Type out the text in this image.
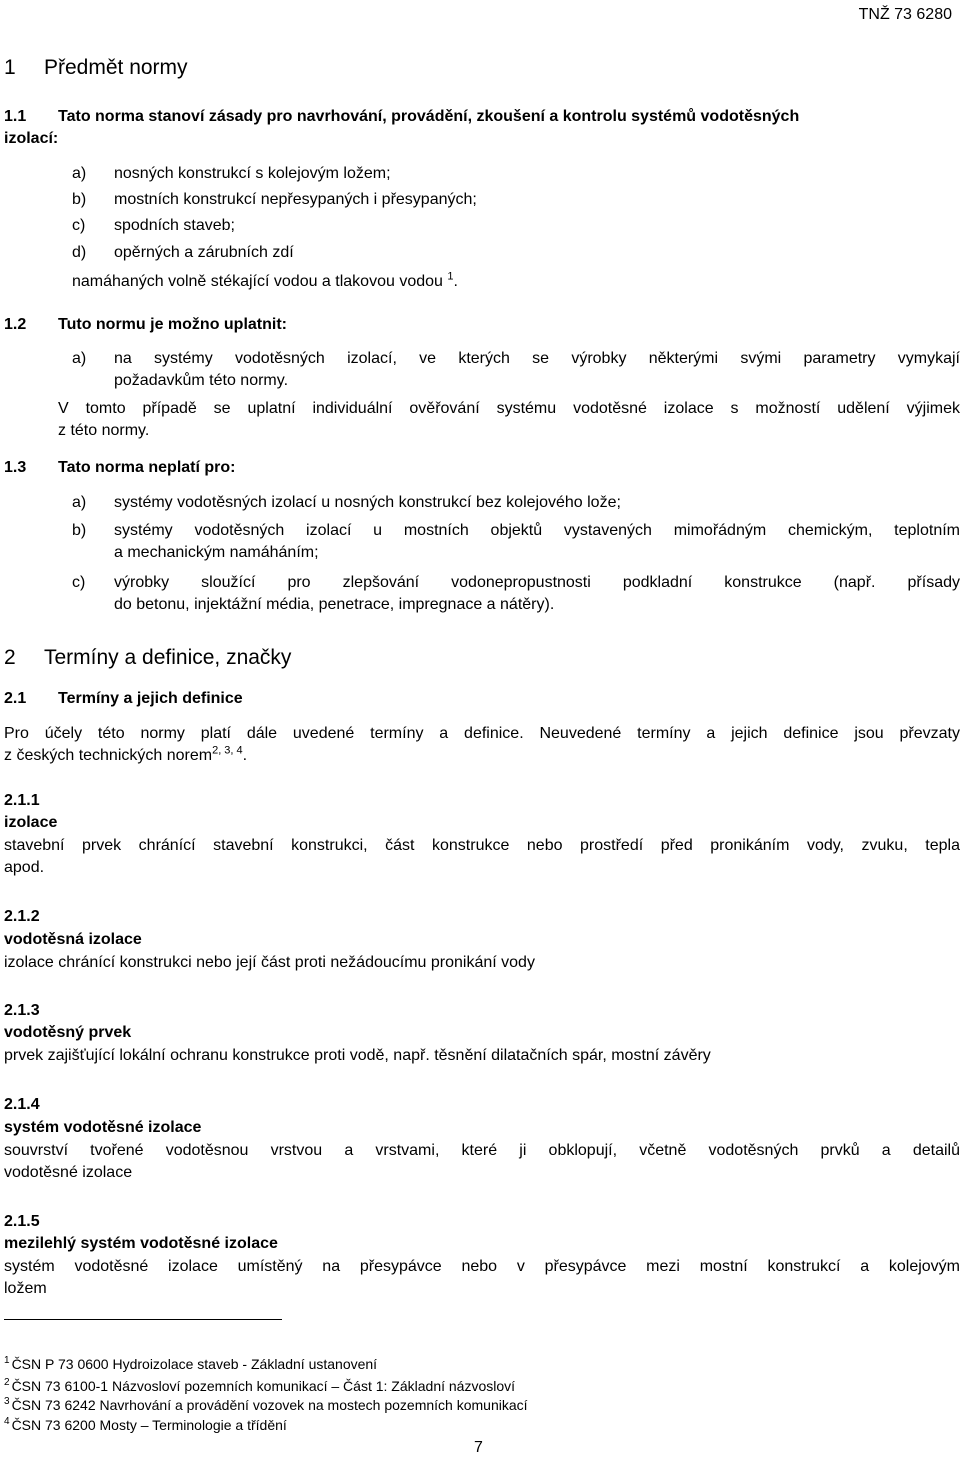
TNŽ 73 6280
1 Předmět normy
1.1 Tato norma stanoví zásady pro navrhování, provádění, zkoušení a kontrolu systémů vodotěsných
izolací:
a) nosných konstrukcí s kolejovým ložem;
b) mostních konstrukcí nepřesypaných i přesypaných;
c) spodních staveb;
d) opěrných a zárubních zdí
namáhaných volně stékající vodou a tlakovou vodou $^1$.
1.2 Tuto normu je možno uplatnit:
a) na systémy vodotěsných izolací, ve kterých se výrobky některými svými parametry vymykají
požadavkům této normy.
V tomto případě se uplatní individuální ověřování systému vodotěsné izolace s možností udělení výjimek
z této normy.
1.3 Tato norma neplatí pro:
a) systémy vodotěsných izolací u nosných konstrukcí bez kolejového lože;
b) systémy vodotěsných izolací u mostních objektů vystavených mimořádným chemickým, teplotním
a mechanickým namáháním;
c) výrobky sloužící pro zlepšování vodonepropustnosti podkladní konstrukce (např. přísady
do betonu, injektážní média, penetrace, impregnace a nátěry).
2 Termíny a definice, značky
2.1 Termíny a jejich definice
Pro účely této normy platí dále uvedené termíny a definice. Neuvedené termíny a jejich definice jsou převzaty
z českých technických norem$^{2, 3, 4}$.
2.1.1
izolace
stavební prvek chránící stavební konstrukci, část konstrukce nebo prostředí před pronikáním vody, zvuku, tepla
apod.
2.1.2
vodotěsná izolace
izolace chránící konstrukci nebo její část proti nežádoucímu pronikání vody
2.1.3
vodotěsný prvek
prvek zajišťující lokální ochranu konstrukce proti vodě, např. těsnění dilatačních spár, mostní závěry
2.1.4
systém vodotěsné izolace
souvrství tvořené vodotěsnou vrstvou a vrstvami, které ji obklopují, včetně vodotěsných prvků a detailů
vodotěsné izolace
2.1.5
mezilehlý systém vodotěsné izolace
systém vodotěsné izolace umístěný na přesypávce nebo v přesypávce mezi mostní konstrukcí a kolejovým
ložem
$^1$ ČSN P 73 0600 Hydroizolace staveb - Základní ustanovení
$^2$ ČSN 73 6100-1 Názvosloví pozemních komunikací – Část 1: Základní názvosloví
$^3$ ČSN 73 6242 Navrhování a provádění vozovek na mostech pozemních komunikací
$^4$ ČSN 73 6200 Mosty – Terminologie a třídění
7
